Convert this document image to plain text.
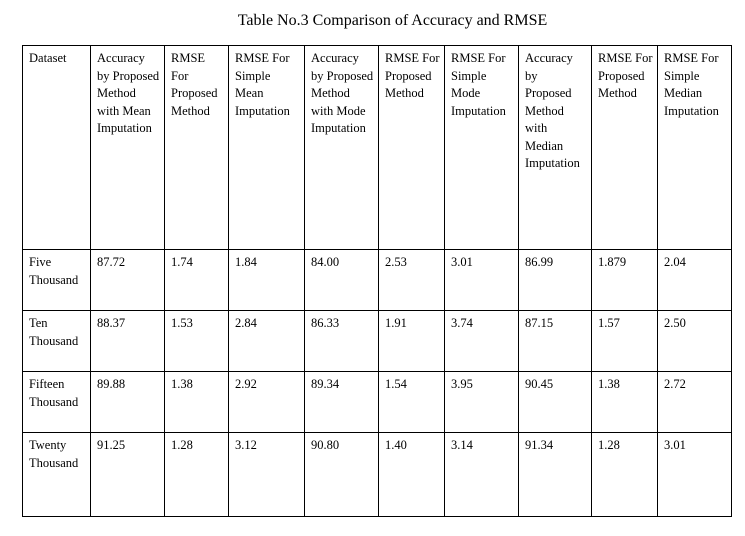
Table No.3 Comparison of Accuracy and RMSE
Dataset	Accuracy by Proposed Method with Mean Imputation	RMSE For Proposed Method	RMSE For Simple Mean Imputation	Accuracy by Proposed Method with Mode Imputation	RMSE For Proposed Method	RMSE For Simple Mode Imputation	Accuracy by Proposed Method with Median Imputation	RMSE For Proposed Method	RMSE For Simple Median Imputation
Five Thousand	87.72	1.74	1.84	84.00	2.53	3.01	86.99	1.879	2.04
Ten Thousand	88.37	1.53	2.84	86.33	1.91	3.74	87.15	1.57	2.50
Fifteen Thousand	89.88	1.38	2.92	89.34	1.54	3.95	90.45	1.38	2.72
Twenty Thousand	91.25	1.28	3.12	90.80	1.40	3.14	91.34	1.28	3.01
